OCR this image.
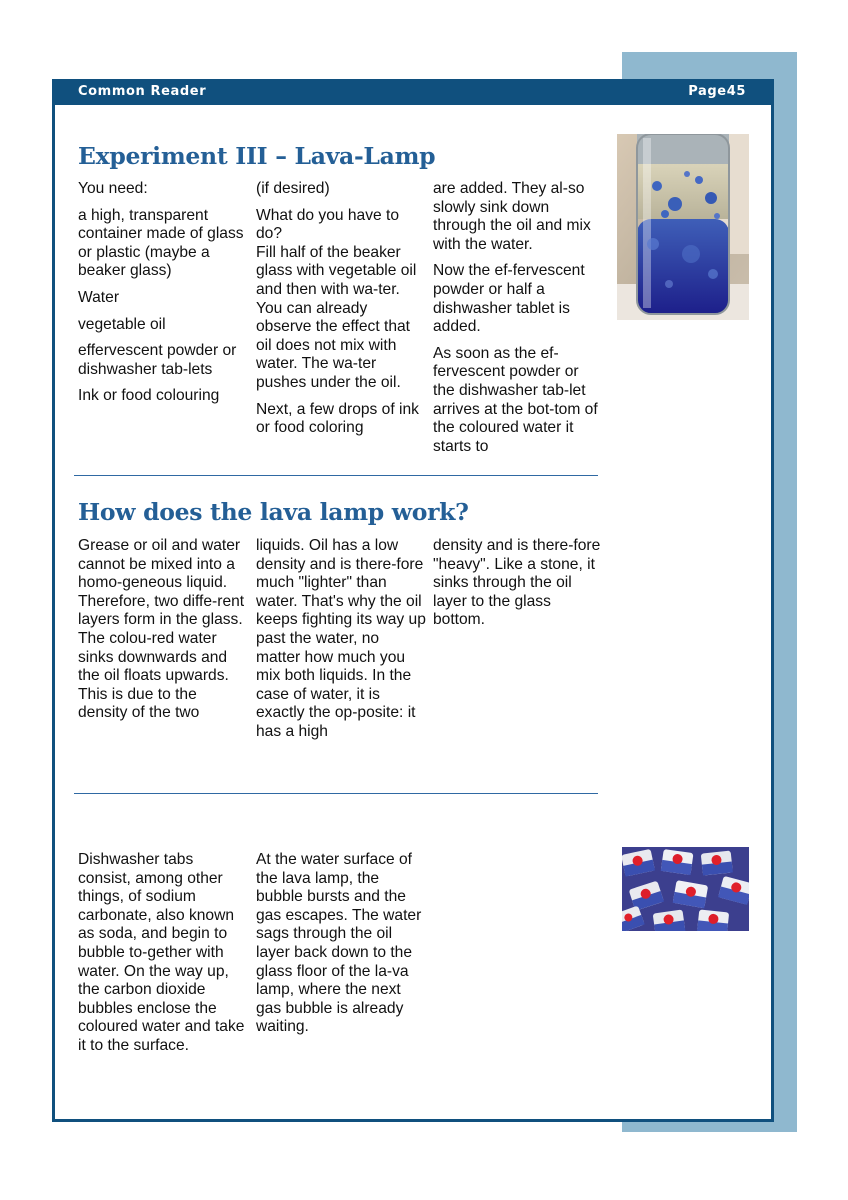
Common Reader	Page45
Experiment III – Lava-Lamp

You need:

a high, transparent container made of glass or plastic (maybe a beaker glass)

Water

vegetable oil

effervescent powder or dishwasher tab-lets

Ink or food colouring

(if desired)

What do you have to do?

Fill half of the beaker glass with vegetable oil and then with wa-ter. You can already observe the effect that oil does not mix with water. The wa-ter pushes under the oil.

Next, a few drops of ink or food coloring

are added. They al-so slowly sink down through the oil and mix with the water.

Now the ef-fervescent powder or half a dishwasher tablet is added.

As soon as the ef-fervescent powder or the dishwasher tab-let arrives at the bot-tom of the coloured water it starts to

How does the lava lamp work?

Grease or oil and water cannot be mixed into a homo-geneous liquid. Therefore, two diffe-rent layers form in the glass. The colou-red water sinks downwards and the oil floats upwards. This is due to the density of the two

liquids. Oil has a low density and is there-fore much "lighter" than water. That's why the oil keeps fighting its way up past the water, no matter how much you mix both liquids. In the case of water, it is exactly the op-posite: it has a high

density and is there-fore "heavy". Like a stone, it sinks through the oil layer to the glass bottom.

Dishwasher tabs consist, among other things, of sodium carbonate, also known as soda, and begin to bubble to-gether with water. On the way up, the carbon dioxide bubbles enclose the coloured water and take it to the surface.

At the water surface of the lava lamp, the bubble bursts and the gas escapes. The water sags through the oil layer back down to the glass floor of the la-va lamp, where the next gas bubble is already waiting.
